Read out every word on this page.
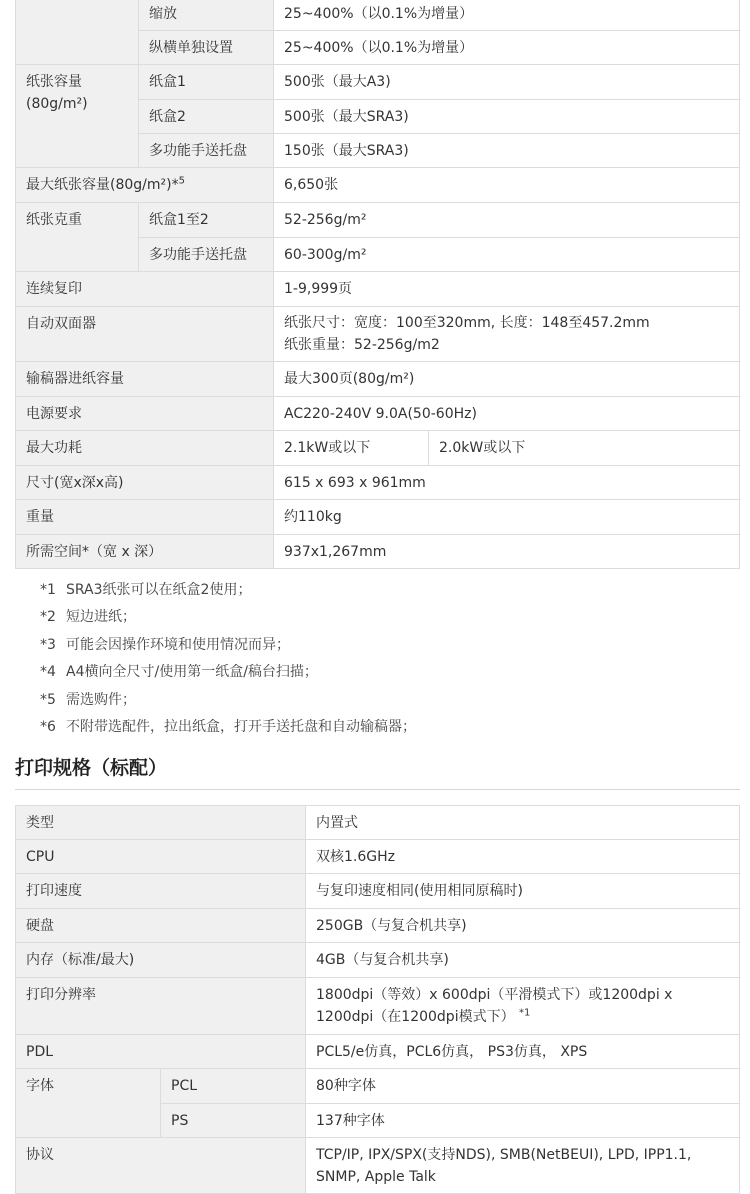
	缩放	25~400%（以0.1%为增量）	
	纵横单独设置	25~400%（以0.1%为增量）	
纸张容量
(80g/m²)	纸盒1	500张（最大A3)	
	纸盒2	500张（最大SRA3)	
	多功能手送托盘	150张（最大SRA3)	
最大纸张容量(80g/m²)*$^5$		6,650张	
纸张克重	纸盒1至2	52-256g/m²	
	多功能手送托盘	60-300g/m²	
连续复印		1-9,999页	
自动双面器		纸张尺寸：宽度：100至320mm, 长度：148至457.2mm
纸张重量：52-256g/m2	
输稿器进纸容量		最大300页(80g/m²)	
电源要求		AC220-240V 9.0A(50-60Hz)	
最大功耗		2.1kW或以下	2.0kW或以下
尺寸(宽x深x高)		615 x 693 x 961mm	
重量		约110kg	
所需空间*（宽 x 深）		937x1,267mm	
*1 SRA3纸张可以在纸盒2使用；
*2 短边进纸；
*3 可能会因操作环境和使用情况而异；
*4 A4横向全尺寸/使用第一纸盒/稿台扫描；
*5 需选购件；
*6 不附带选配件，拉出纸盒，打开手送托盘和自动输稿器；
打印规格（标配）
类型		内置式
CPU		双核1.6GHz
打印速度		与复印速度相同(使用相同原稿时)
硬盘		250GB（与复合机共享)
内存（标准/最大)		4GB（与复合机共享)
打印分辨率		1800dpi（等效）x 600dpi（平滑模式下）或1200dpi x
1200dpi（在1200dpi模式下） $^{*1}$
PDL		PCL5/e仿真，PCL6仿真， PS3仿真， XPS
字体	PCL	80种字体
	PS	137种字体
协议		TCP/IP, IPX/SPX(支持NDS), SMB(NetBEUI), LPD, IPP1.1,
SNMP, Apple Talk
